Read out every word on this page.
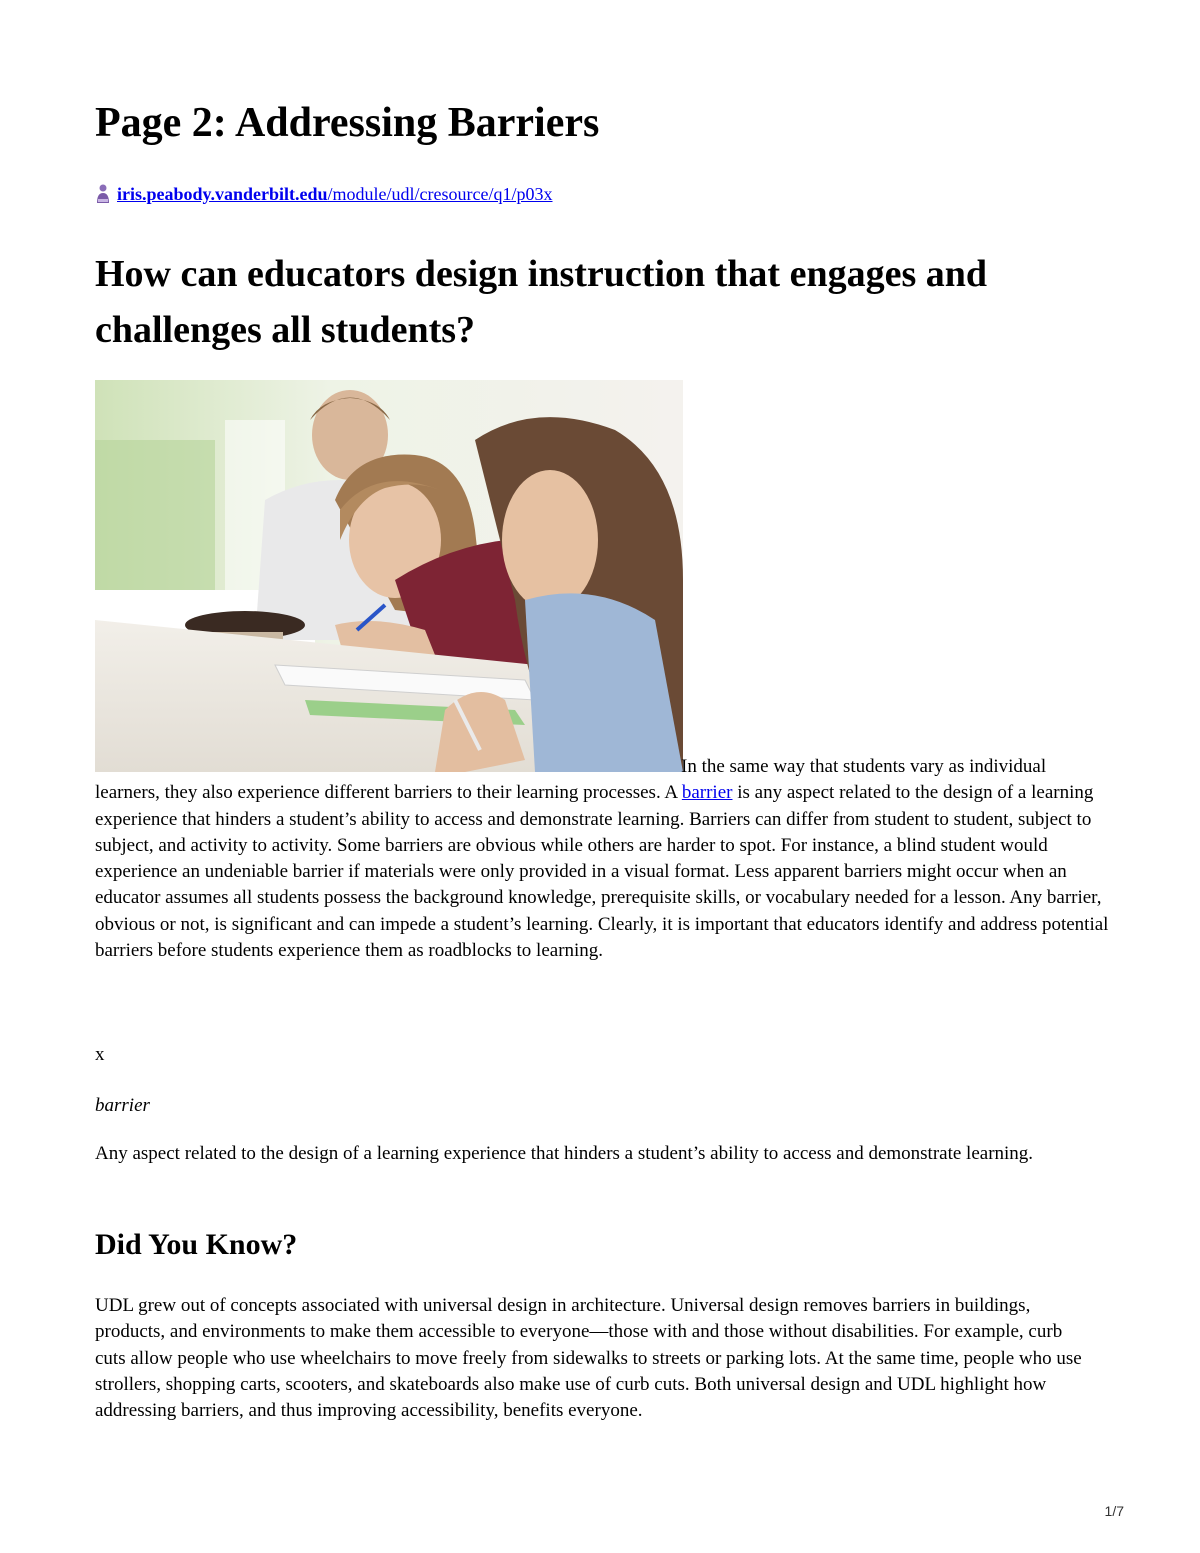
Page 2: Addressing Barriers
iris.peabody.vanderbilt.edu/module/udl/cresource/q1/p03x
How can educators design instruction that engages and challenges all students?

In the same way that students vary as individual learners, they also experience different barriers to their learning processes. A barrier is any aspect related to the design of a learning experience that hinders a student’s ability to access and demonstrate learning. Barriers can differ from student to student, subject to subject, and activity to activity. Some barriers are obvious while others are harder to spot. For instance, a blind student would experience an undeniable barrier if materials were only provided in a visual format. Less apparent barriers might occur when an educator assumes all students possess the background knowledge, prerequisite skills, or vocabulary needed for a lesson. Any barrier, obvious or not, is significant and can impede a student’s learning. Clearly, it is important that educators identify and address potential barriers before students experience them as roadblocks to learning.

x

barrier

Any aspect related to the design of a learning experience that hinders a student’s ability to access and demonstrate learning.

Did You Know?

UDL grew out of concepts associated with universal design in architecture. Universal design removes barriers in buildings, products, and environments to make them accessible to everyone—those with and those without disabilities. For example, curb cuts allow people who use wheelchairs to move freely from sidewalks to streets or parking lots. At the same time, people who use strollers, shopping carts, scooters, and skateboards also make use of curb cuts. Both universal design and UDL highlight how addressing barriers, and thus improving accessibility, benefits everyone.

1/7
